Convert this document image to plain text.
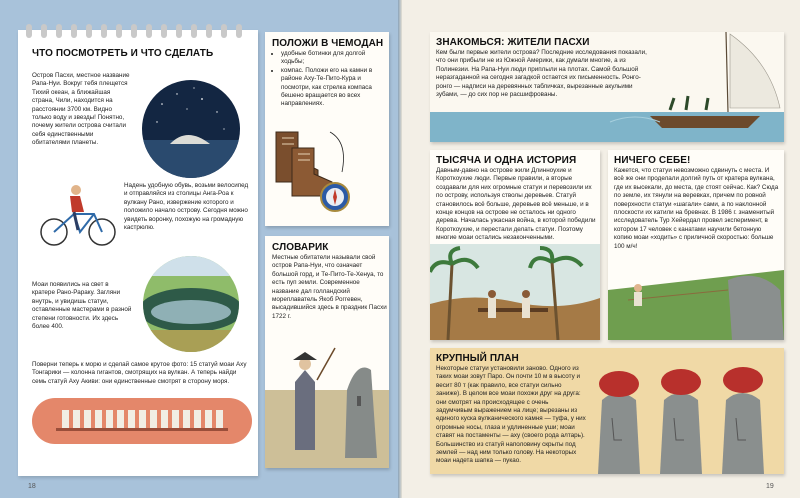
ЧТО ПОСМОТРЕТЬ И ЧТО СДЕЛАТЬ
Остров Пасхи, местное название Рапа-Нуи. Вокруг тебя плещется Тихий океан, а ближайшая страна, Чили, находится на расстоянии 3700 км. Видно только воду и звезды! Понятно, почему жители острова считали себя единственными обитателями планеты.
Надень удобную обувь, возьми велосипед и отправляйся из столицы Анга-Роа к вулкану Рано, извержение которого и положило начало острову. Сегодня можно увидеть воронку, похожую на громадную кастрюлю.
Моаи появились на свет в кратере Рано-Рараку. Загляни внутрь, и увидишь статуи, оставленные мастерами в разной степени готовности. Их здесь более 400.
Поверни теперь к морю и сделай самое крутое фото: 15 статуй моаи Аху Тонгарики — колонна гигантов, смотрящих на вулкан. А теперь найди семь статуй Аху Акиви: они единственные смотрят в сторону моря.
ПОЛОЖИ В ЧЕМОДАН
• удобные ботинки для долгой ходьбы;
• компас. Положи его на камни в районе Аху-Те-Пито-Кура и посмотри, как стрелка компаса бешено вращается во всех направлениях.
СЛОВАРИК
Местные обитатели называли свой остров Рапа-Нуи, что означает большой горд, и Те-Пито-Те-Хенуа, то есть пуп земли. Современное название дал голландский мореплаватель Якоб Роггевен, высадившийся здесь в праздник Пасхи 1722 г.
18
ЗНАКОМЬСЯ: ЖИТЕЛИ ПАСХИ
Кем были первые жители острова? Последние исследования показали, что они прибыли не из Южной Америки, как думали многие, а из Полинезии. На Рапа-Нуи люди приплыли на плотах. Самой большой неразгаданной на сегодня загадкой остается их письменность. Ронго-ронго — надписи на деревянных табличках, вырезанные акульими зубами, — до сих пор не расшифрованы.
ТЫСЯЧА И ОДНА ИСТОРИЯ
Давным-давно на острове жили Длинноухие и Короткоухие люди. Первые правили, а вторые создавали для них огромные статуи и перевозили их по острову, используя стволы деревьев. Статуй становилось всё больше, деревьев всё меньше, и в конце концов на острове не осталось ни одного дерева. Началась ужасная война, в которой победили Короткоухие, и перестали делать статуи. Поэтому многие моаи остались незаконченными.
НИЧЕГО СЕБЕ!
Кажется, что статуи невозможно сдвинуть с места. И всё же они проделали долгий путь от кратера вулкана, где их высекали, до места, где стоят сейчас. Как? Сюда по земле, их тянули на веревках, причем по ровной поверхности статуи «шагали» сами, а по наклонной плоскости их катили на бревнах. В 1986 г. знаменитый исследователь Тур Хейердал провел эксперимент, в котором 17 человек с канатами научили бетонную копию моаи «ходить» с приличной скоростью: больше 100 м/ч!
КРУПНЫЙ ПЛАН
Некоторые статуи установили заново. Одного из таких моаи зовут Паро. Он почти 10 м в высоту и весит 80 т (как правило, все статуи сильно заниже). В целом все моаи похожи друг на друга: они смотрят на происходящее с очень задумчивым выражением на лице; вырезаны из единого куска вулканического камня — туфа, у них огромные носы, глаза и удлиненные уши; моаи ставят на постаменты — аху (своего рода алтарь). Большинство из статуй наполовину скрыты под землей — над ним только голову. На некоторых моаи надета шапка — пукао.
19
